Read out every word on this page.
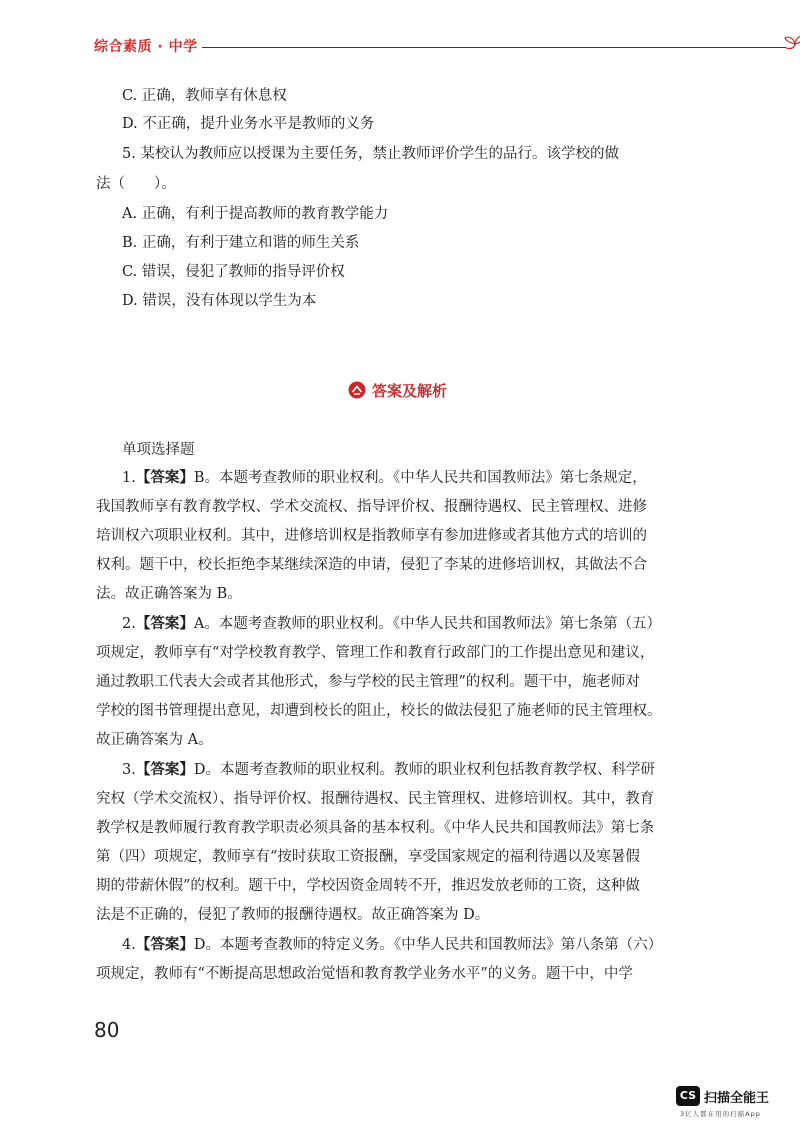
综合素质 · 中学
C. 正确，教师享有休息权
D. 不正确，提升业务水平是教师的义务
5. 某校认为教师应以授课为主要任务，禁止教师评价学生的品行。该学校的做
法（　　）。
A. 正确，有利于提高教师的教育教学能力
B. 正确，有利于建立和谐的师生关系
C. 错误，侵犯了教师的指导评价权
D. 错误，没有体现以学生为本
答案及解析
单项选择题
1.【答案】B。本题考查教师的职业权利。《中华人民共和国教师法》第七条规定，
我国教师享有教育教学权、学术交流权、指导评价权、报酬待遇权、民主管理权、进修
培训权六项职业权利。其中，进修培训权是指教师享有参加进修或者其他方式的培训的
权利。题干中，校长拒绝李某继续深造的申请，侵犯了李某的进修培训权，其做法不合
法。故正确答案为 B。
2.【答案】A。本题考查教师的职业权利。《中华人民共和国教师法》第七条第（五）
项规定，教师享有“对学校教育教学、管理工作和教育行政部门的工作提出意见和建议，
通过教职工代表大会或者其他形式，参与学校的民主管理”的权利。题干中，施老师对
学校的图书管理提出意见，却遭到校长的阻止，校长的做法侵犯了施老师的民主管理权。
故正确答案为 A。
3.【答案】D。本题考查教师的职业权利。教师的职业权利包括教育教学权、科学研
究权（学术交流权）、指导评价权、报酬待遇权、民主管理权、进修培训权。其中，教育
教学权是教师履行教育教学职责必须具备的基本权利。《中华人民共和国教师法》第七条
第（四）项规定，教师享有“按时获取工资报酬，享受国家规定的福利待遇以及寒暑假
期的带薪休假”的权利。题干中，学校因资金周转不开，推迟发放老师的工资，这种做
法是不正确的，侵犯了教师的报酬待遇权。故正确答案为 D。
4.【答案】D。本题考查教师的特定义务。《中华人民共和国教师法》第八条第（六）
项规定，教师有“不断提高思想政治觉悟和教育教学业务水平”的义务。题干中，中学
80
CS 扫描全能王
3亿人都在用的扫描App
